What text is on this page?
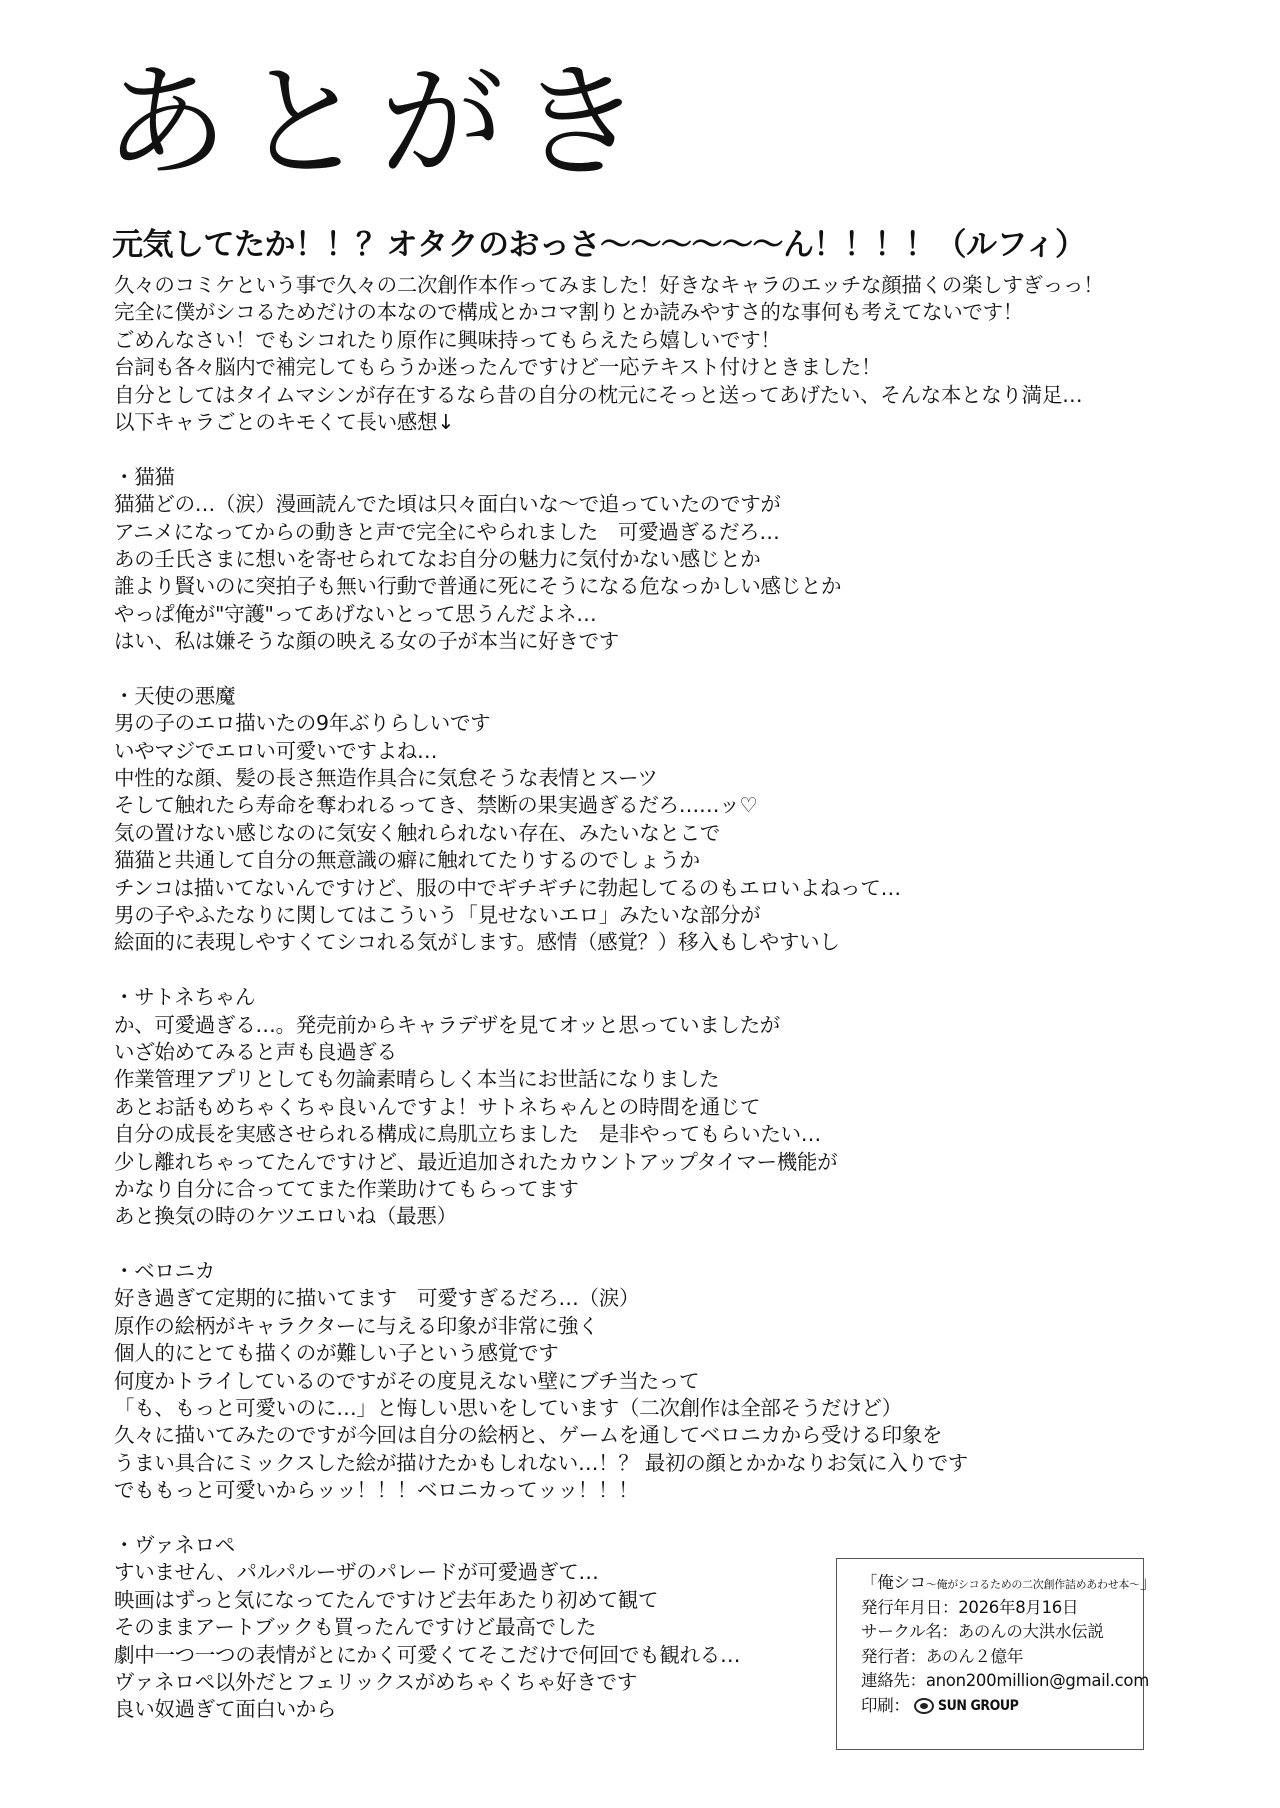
あとがき
元気してたか！！？オタクのおっさ〜〜〜〜〜〜ん！！！！（ルフィ）
久々のコミケという事で久々の二次創作本作ってみました！好きなキャラのエッチな顔描くの楽しすぎっっ！
完全に僕がシコるためだけの本なので構成とかコマ割りとか読みやすさ的な事何も考えてないです！
ごめんなさい！でもシコれたり原作に興味持ってもらえたら嬉しいです！
台詞も各々脳内で補完してもらうか迷ったんですけど一応テキスト付けときました！
自分としてはタイムマシンが存在するなら昔の自分の枕元にそっと送ってあげたい、そんな本となり満足…
以下キャラごとのキモくて長い感想↓
・猫猫
猫猫どの…（涙）漫画読んでた頃は只々面白いな〜で追っていたのですが
アニメになってからの動きと声で完全にやられました　可愛過ぎるだろ…
あの壬氏さまに想いを寄せられてなお自分の魅力に気付かない感じとか
誰より賢いのに突拍子も無い行動で普通に死にそうになる危なっかしい感じとか
やっぱ俺が"守護"ってあげないとって思うんだよネ…
はい、私は嫌そうな顔の映える女の子が本当に好きです
・天使の悪魔
男の子のエロ描いたの9年ぶりらしいです
いやマジでエロい可愛いですよね…
中性的な顔、髪の長さ無造作具合に気怠そうな表情とスーツ
そして触れたら寿命を奪われるってき、禁断の果実過ぎるだろ……ッ♡
気の置けない感じなのに気安く触れられない存在、みたいなとこで
猫猫と共通して自分の無意識の癖に触れてたりするのでしょうか
チンコは描いてないんですけど、服の中でギチギチに勃起してるのもエロいよねって…
男の子やふたなりに関してはこういう「見せないエロ」みたいな部分が
絵面的に表現しやすくてシコれる気がします。感情（感覚？）移入もしやすいし
・サトネちゃん
か、可愛過ぎる…。発売前からキャラデザを見てオッと思っていましたが
いざ始めてみると声も良過ぎる
作業管理アプリとしても勿論素晴らしく本当にお世話になりました
あとお話もめちゃくちゃ良いんですよ！サトネちゃんとの時間を通じて
自分の成長を実感させられる構成に鳥肌立ちました　是非やってもらいたい…
少し離れちゃってたんですけど、最近追加されたカウントアップタイマー機能が
かなり自分に合っててまた作業助けてもらってます
あと換気の時のケツエロいね（最悪）
・ベロニカ
好き過ぎて定期的に描いてます　可愛すぎるだろ…（涙）
原作の絵柄がキャラクターに与える印象が非常に強く
個人的にとても描くのが難しい子という感覚です
何度かトライしているのですがその度見えない壁にブチ当たって
「も、もっと可愛いのに…」と悔しい思いをしています（二次創作は全部そうだけど）
久々に描いてみたのですが今回は自分の絵柄と、ゲームを通してベロニカから受ける印象を
うまい具合にミックスした絵が描けたかもしれない…！？ 最初の顔とかかなりお気に入りです
でももっと可愛いからッッ！！！ベロニカってッッ！！！
・ヴァネロペ
すいません、パルパルーザのパレードが可愛過ぎて…
映画はずっと気になってたんですけど去年あたり初めて観て
そのままアートブックも買ったんですけど最高でした
劇中一つ一つの表情がとにかく可愛くてそこだけで何回でも観れる…
ヴァネロペ以外だとフェリックスがめちゃくちゃ好きです
良い奴過ぎて面白いから
「俺シコ〜俺がシコるための二次創作詰めあわせ本〜」
発行年月日：2026年8月16日
サークル名：あのんの大洪水伝説
発行者：あのん２億年
連絡先：anon200million@gmail.com
印刷： SUN GROUP
